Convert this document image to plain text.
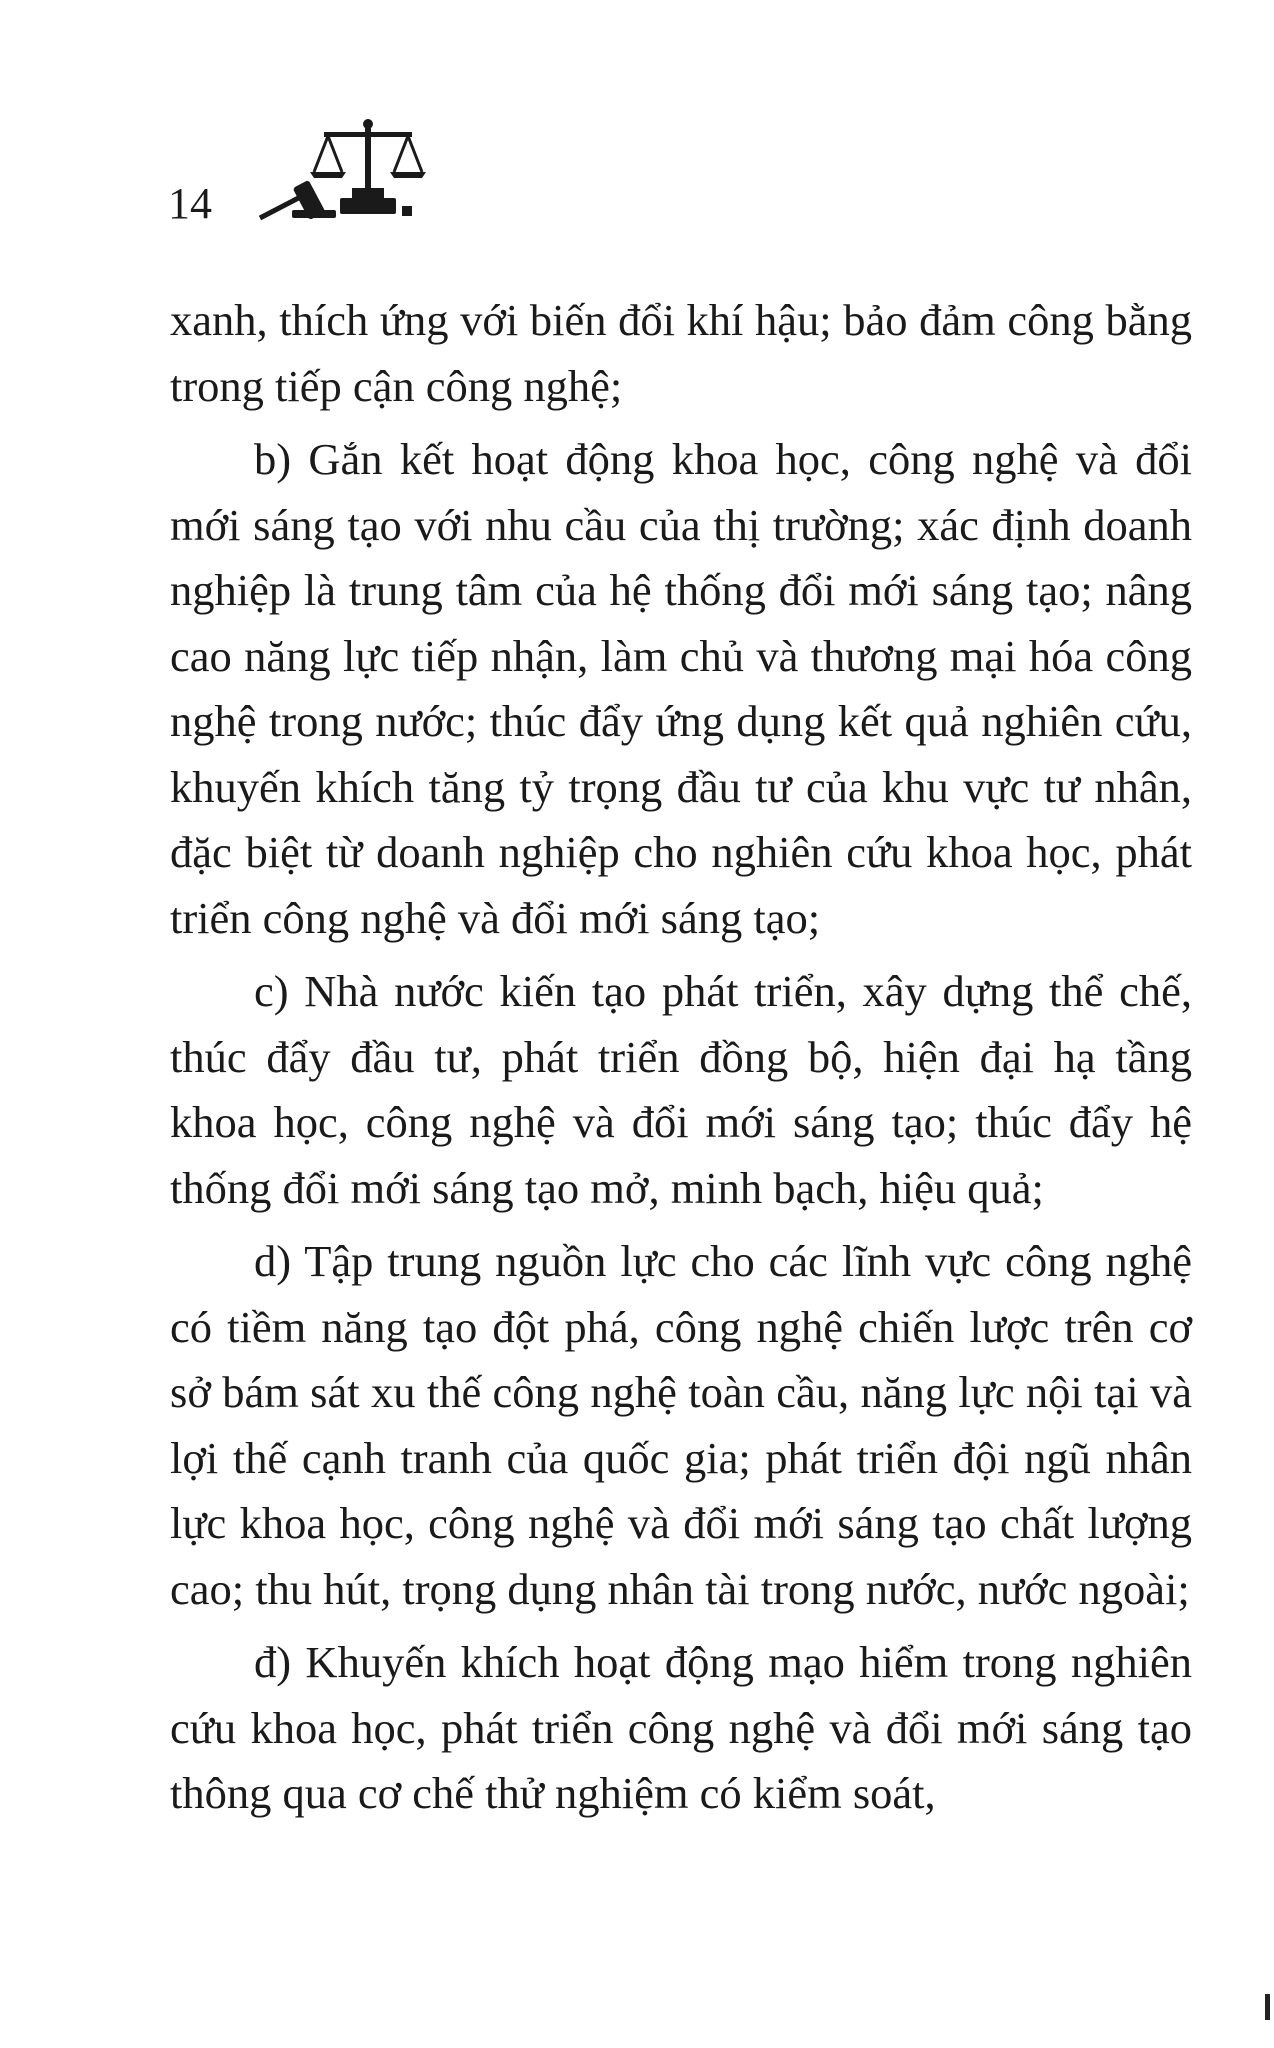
14

xanh, thích ứng với biến đổi khí hậu; bảo đảm công bằng trong tiếp cận công nghệ;

b) Gắn kết hoạt động khoa học, công nghệ và đổi mới sáng tạo với nhu cầu của thị trường; xác định doanh nghiệp là trung tâm của hệ thống đổi mới sáng tạo; nâng cao năng lực tiếp nhận, làm chủ và thương mại hóa công nghệ trong nước; thúc đẩy ứng dụng kết quả nghiên cứu, khuyến khích tăng tỷ trọng đầu tư của khu vực tư nhân, đặc biệt từ doanh nghiệp cho nghiên cứu khoa học, phát triển công nghệ và đổi mới sáng tạo;

c) Nhà nước kiến tạo phát triển, xây dựng thể chế, thúc đẩy đầu tư, phát triển đồng bộ, hiện đại hạ tầng khoa học, công nghệ và đổi mới sáng tạo; thúc đẩy hệ thống đổi mới sáng tạo mở, minh bạch, hiệu quả;

d) Tập trung nguồn lực cho các lĩnh vực công nghệ có tiềm năng tạo đột phá, công nghệ chiến lược trên cơ sở bám sát xu thế công nghệ toàn cầu, năng lực nội tại và lợi thế cạnh tranh của quốc gia; phát triển đội ngũ nhân lực khoa học, công nghệ và đổi mới sáng tạo chất lượng cao; thu hút, trọng dụng nhân tài trong nước, nước ngoài;

đ) Khuyến khích hoạt động mạo hiểm trong nghiên cứu khoa học, phát triển công nghệ và đổi mới sáng tạo thông qua cơ chế thử nghiệm có kiểm soát,
